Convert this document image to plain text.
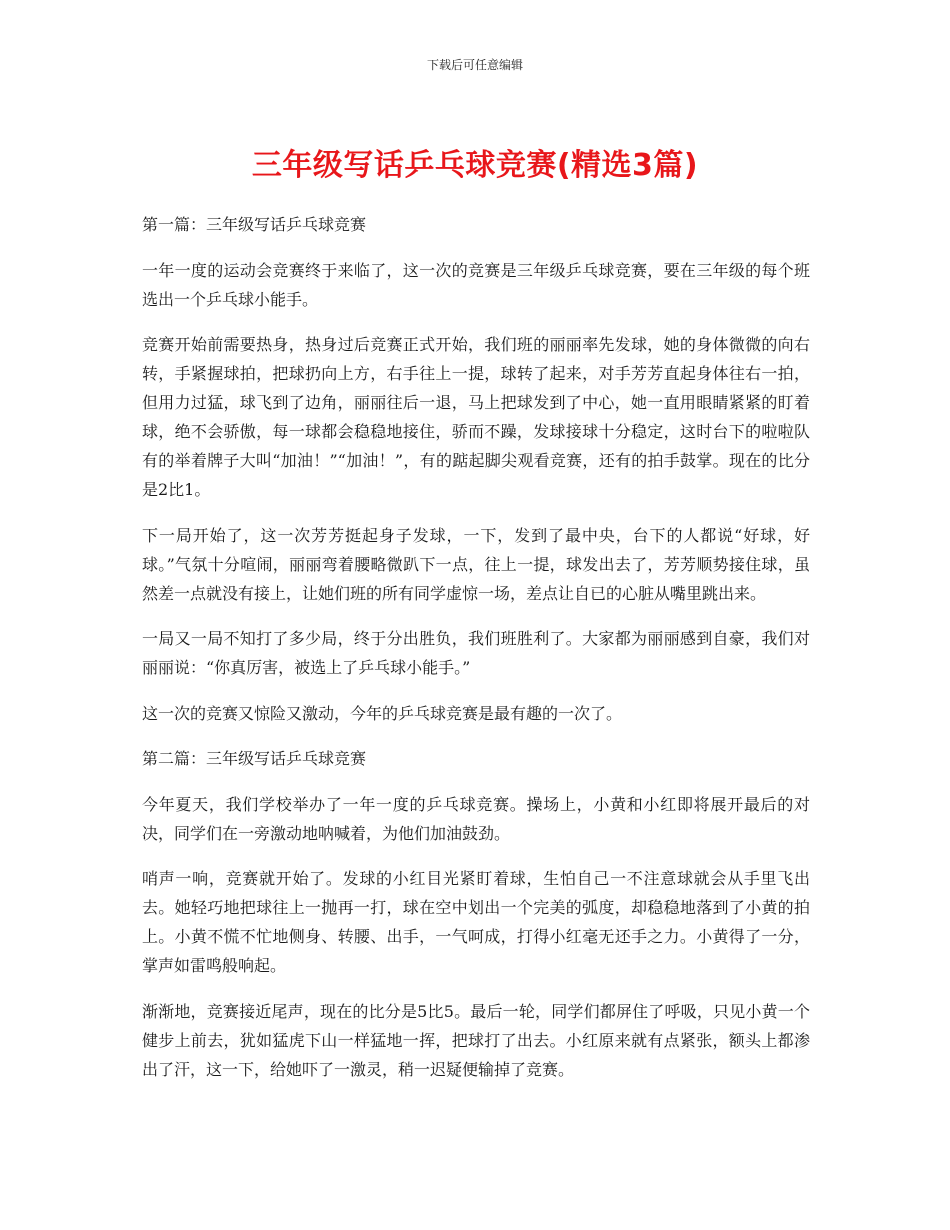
下载后可任意编辑
三年级写话乒乓球竞赛(精选3篇)

第一篇：三年级写话乒乓球竞赛

一年一度的运动会竞赛终于来临了，这一次的竞赛是三年级乒乓球竞赛，要在三年级的每个班选出一个乒乓球小能手。

竞赛开始前需要热身，热身过后竞赛正式开始，我们班的丽丽率先发球，她的身体微微的向右转，手紧握球拍，把球扔向上方，右手往上一提，球转了起来，对手芳芳直起身体往右一拍，但用力过猛，球飞到了边角，丽丽往后一退，马上把球发到了中心，她一直用眼睛紧紧的盯着球，绝不会骄傲，每一球都会稳稳地接住，骄而不躁，发球接球十分稳定，这时台下的啦啦队有的举着牌子大叫“加油！”“加油！”，有的踮起脚尖观看竞赛，还有的拍手鼓掌。现在的比分是2比1。

下一局开始了，这一次芳芳挺起身子发球，一下，发到了最中央，台下的人都说“好球，好球。”气氛十分喧闹，丽丽弯着腰略微趴下一点，往上一提，球发出去了，芳芳顺势接住球，虽然差一点就没有接上，让她们班的所有同学虚惊一场，差点让自已的心脏从嘴里跳出来。

一局又一局不知打了多少局，终于分出胜负，我们班胜利了。大家都为丽丽感到自豪，我们对丽丽说：“你真厉害，被选上了乒乓球小能手。”

这一次的竞赛又惊险又激动，今年的乒乓球竞赛是最有趣的一次了。

第二篇：三年级写话乒乓球竞赛

今年夏天，我们学校举办了一年一度的乒乓球竞赛。操场上，小黄和小红即将展开最后的对决，同学们在一旁激动地呐喊着，为他们加油鼓劲。

哨声一响，竞赛就开始了。发球的小红目光紧盯着球，生怕自己一不注意球就会从手里飞出去。她轻巧地把球往上一抛再一打，球在空中划出一个完美的弧度，却稳稳地落到了小黄的拍上。小黄不慌不忙地侧身、转腰、出手，一气呵成，打得小红毫无还手之力。小黄得了一分，掌声如雷鸣般响起。

渐渐地，竞赛接近尾声，现在的比分是5比5。最后一轮，同学们都屏住了呼吸，只见小黄一个健步上前去，犹如猛虎下山一样猛地一挥，把球打了出去。小红原来就有点紧张，额头上都渗出了汗，这一下，给她吓了一激灵，稍一迟疑便输掉了竞赛。
